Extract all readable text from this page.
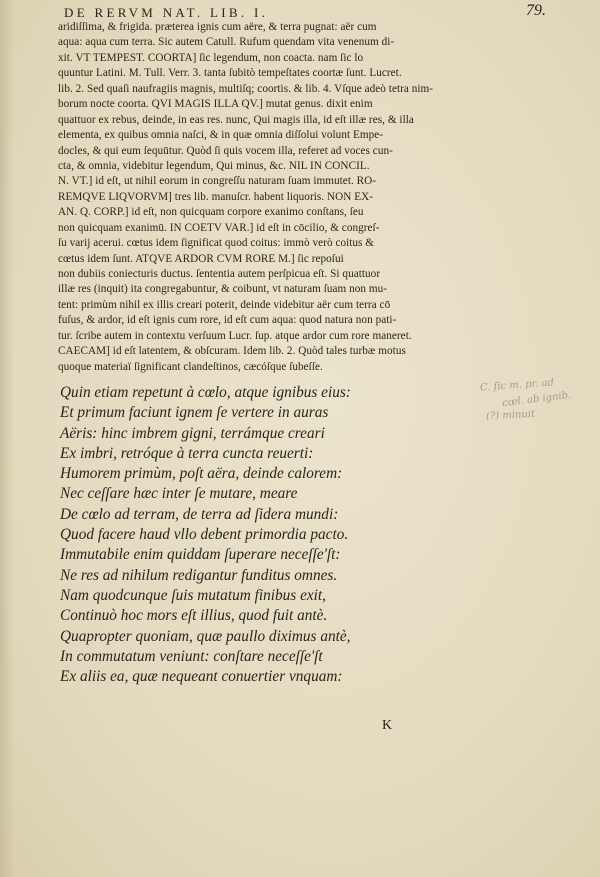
DE RERVM NAT. LIB. I.	79.
aridiſſima, & frigida. præterea ignis cum aëre, & terra pugnat: aër cum
aqua: aqua cum terra. Sic autem Catull. Rufum quendam vita venenum di-
xit. VT TEMPEST. COORTA] ſic legendum, non coacta. nam ſic lo
quuntur Latini. M. Tull. Verr. 3. tanta ſubitò tempeſtates coortæ ſunt. Lucret.
lib. 2. Sed quaſi naufragiis magnis, multiſq; coortis. & lib. 4. Vſque adeò tetra nim-
borum nocte coorta. QVI MAGIS ILLA QV.] mutat genus. dixit enim
quattuor ex rebus, deinde, in eas res. nunc, Qui magis illa, id eſt illæ res, & illa
elementa, ex quibus omnia naſci, & in quæ omnia diſſolui volunt Empe-
docles, & qui eum ſequūtur. Quòd ſi quis vocem illa, referet ad voces cun-
cta, & omnia, videbitur legendum, Qui minus, &c. NIL IN CONCIL.
N. VT.] id eſt, ut nihil eorum in congreſſu naturam ſuam immutet. RO-
REMQVE LIQVORVM] tres lib. manuſcr. habent liquoris. NON EX-
AN. Q. CORP.] id eſt, non quicquam corpore exanimo conſtans, ſeu
non quicquam exanimū. IN COETV VAR.] id eſt in cōcilio, & congreſ-
ſu varij acerui. cœtus idem ſignificat quod coitus: immò verò coitus &
cœtus idem ſunt. ATQVE ARDOR CVM RORE M.] ſic repoſui
non dubiis coniecturis ductus. ſententia autem perſpicua eſt. Si quattuor
illæ res (inquit) ita congregabuntur, & coibunt, vt naturam ſuam non mu-
tent: primùm nihil ex illis creari poterit, deinde videbitur aër cum terra cō
fuſus, & ardor, id eſt ignis cum rore, id eſt cum aqua: quod natura non pati-
tur. ſcribe autem in contextu verſuum Lucr. ſup. atque ardor cum rore maneret.
CAECAM] id eſt latentem, & obſcuram. Idem lib. 2. Quòd tales turbæ motus
quoque materiaï ſignificant clandeſtinos, cæcóſque ſubeſſe.
Quin etiam repetunt à cœlo, atque ignibus eius:
Et primum faciunt ignem ſe vertere in auras
Aëris: hinc imbrem gigni, terrámque creari
Ex imbri, retróque à terra cuncta reuerti:
Humorem primùm, poſt aëra, deinde calorem:
Nec ceſſare hæc inter ſe mutare, meare
De cœlo ad terram, de terra ad ſidera mundi:
Quod facere haud vllo debent primordia pacto.
Immutabile enim quiddam ſuperare neceſſe'ſt:
Ne res ad nihilum redigantur funditus omnes.
Nam quodcunque ſuis mutatum finibus exit,
Continuò hoc mors eſt illius, quod fuit antè.
Quapropter quoniam, quæ paullo diximus antè,
In commutatum veniunt: conſtare neceſſe'ſt
Ex aliis ea, quæ nequeant conuertier vnquam:
C. ſic m. pr. ad
cœl. ab ignib.
(?) minuit
K
